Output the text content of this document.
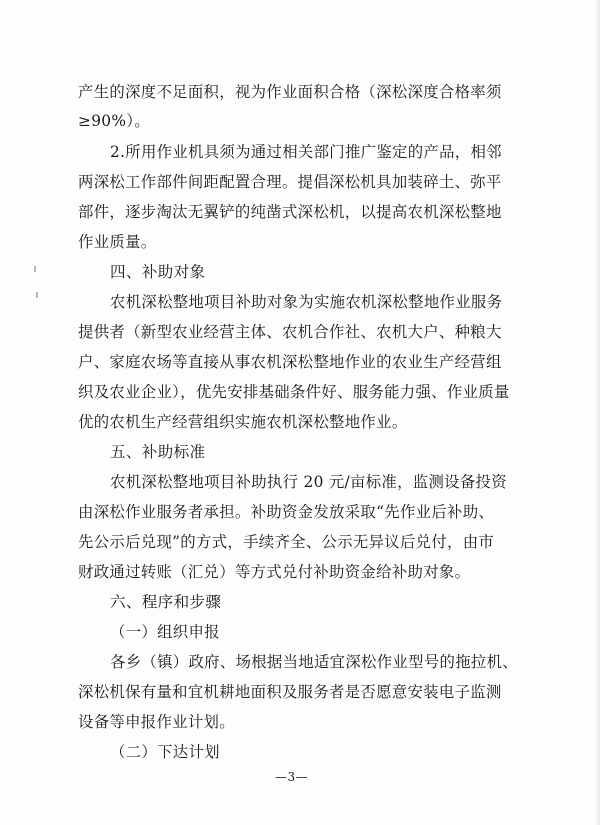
产生的深度不足面积，视为作业面积合格（深松深度合格率须
≥90%）。
2.所用作业机具须为通过相关部门推广鉴定的产品，相邻
两深松工作部件间距配置合理。提倡深松机具加装碎土、弥平
部件，逐步淘汰无翼铲的纯凿式深松机，以提高农机深松整地
作业质量。
四、补助对象
农机深松整地项目补助对象为实施农机深松整地作业服务
提供者（新型农业经营主体、农机合作社、农机大户、种粮大
户、家庭农场等直接从事农机深松整地作业的农业生产经营组
织及农业企业），优先安排基础条件好、服务能力强、作业质量
优的农机生产经营组织实施农机深松整地作业。
五、补助标准
农机深松整地项目补助执行 20 元/亩标准，监测设备投资
由深松作业服务者承担。补助资金发放采取“先作业后补助、
先公示后兑现”的方式，手续齐全、公示无异议后兑付，由市
财政通过转账（汇兑）等方式兑付补助资金给补助对象。
六、程序和步骤
（一）组织申报
各乡（镇）政府、场根据当地适宜深松作业型号的拖拉机、
深松机保有量和宜机耕地面积及服务者是否愿意安装电子监测
设备等申报作业计划。
（二）下达计划
—3—
